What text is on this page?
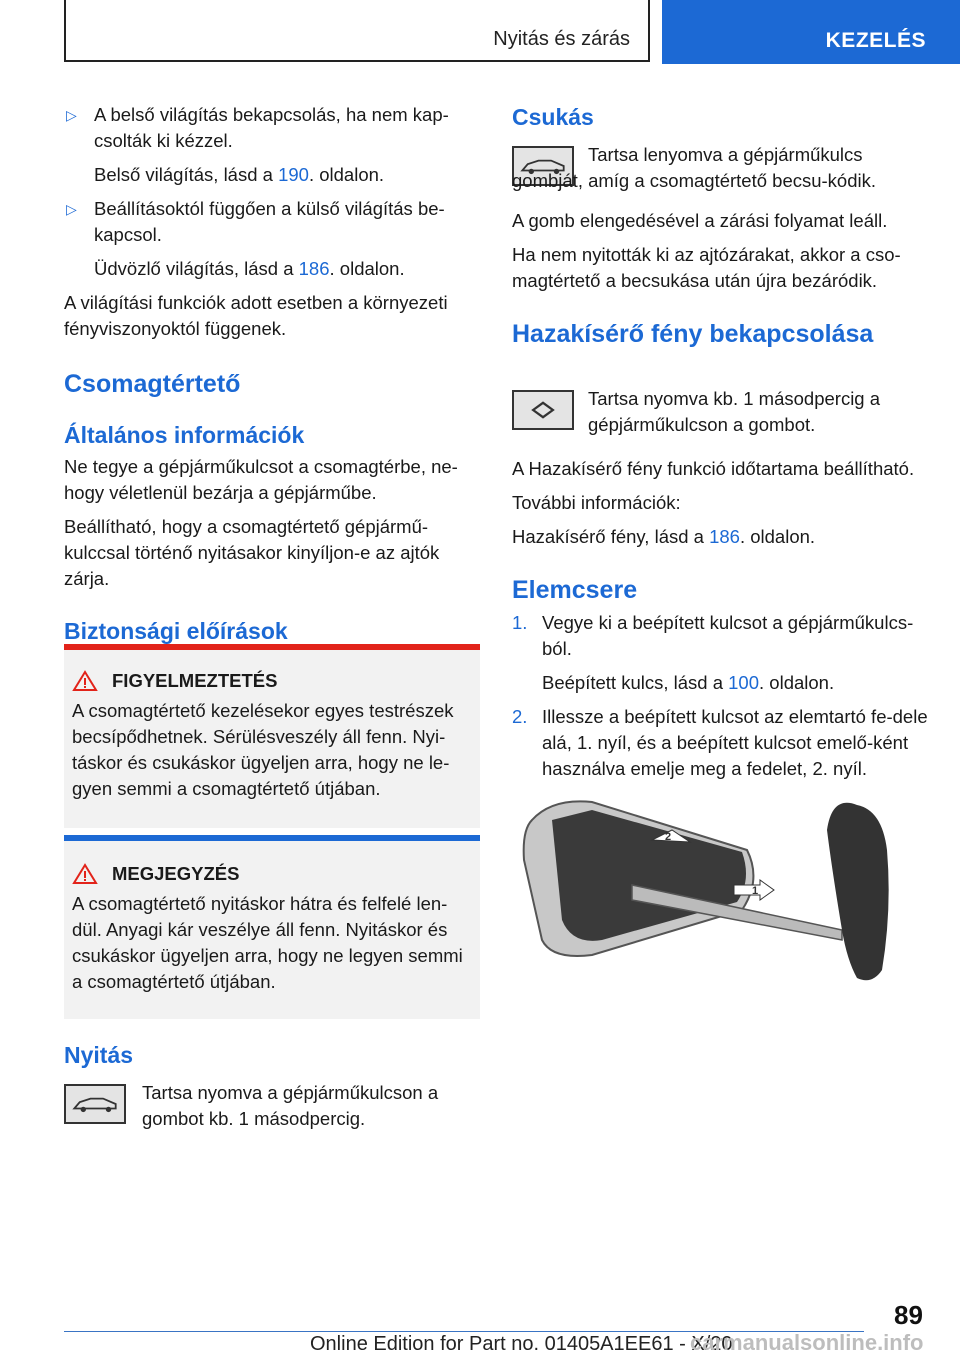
Nyitás és zárás	KEZELÉS
▷ A belső világítás bekapcsolás, ha nem kap-csolták ki kézzel.
Belső világítás, lásd a 190. oldalon.
▷ Beállításoktól függően a külső világítás be-kapcsol.
Üdvözlő világítás, lásd a 186. oldalon.

A világítási funkciók adott esetben a környezeti fényviszonyoktól függenek.

Csomagtértető
Általános információk

Ne tegye a gépjárműkulcsot a csomagtérbe, ne-hogy véletlenül bezárja a gépjárműbe.

Beállítható, hogy a csomagtértető gépjármű-kulccsal történő nyitásakor kinyíljon-e az ajtók zárja.

Biztonsági előírások
FIGYELMEZTETÉS

A csomagtértető kezelésekor egyes testrészek becsípődhetnek. Sérülésveszély áll fenn. Nyi-táskor és csukáskor ügyeljen arra, hogy ne le-gyen semmi a csomagtértető útjában.

MEGJEGYZÉS

A csomagtértető nyitáskor hátra és felfelé len-dül. Anyagi kár veszélye áll fenn. Nyitáskor és csukáskor ügyeljen arra, hogy ne legyen semmi a csomagtértető útjában.

Nyitás

Tartsa nyomva a gépjárműkulcson a gombot kb. 1 másodpercig.

Csukás

Tartsa lenyomva a gépjárműkulcs gombját, amíg a csomagtértető becsu-kódik.

A gomb elengedésével a zárási folyamat leáll.

Ha nem nyitották ki az ajtózárakat, akkor a cso-magtértető a becsukása után újra bezáródik.

Hazakísérő fény bekapcsolása

Tartsa nyomva kb. 1 másodpercig a gépjárműkulcson a gombot.

A Hazakísérő fény funkció időtartama beállítható.

További információk:

Hazakísérő fény, lásd a 186. oldalon.

Elemcsere
1. Vegye ki a beépített kulcsot a gépjárműkulcs-ból.
Beépített kulcs, lásd a 100. oldalon.
2. Illessze a beépített kulcsot az elemtartó fe-dele alá, 1. nyíl, és a beépített kulcsot emelő-ként használva emelje meg a fedelet, 2. nyíl.
2
1
89
Online Edition for Part no. 01405A1EE61 - X/20
carmanualsonline.info
